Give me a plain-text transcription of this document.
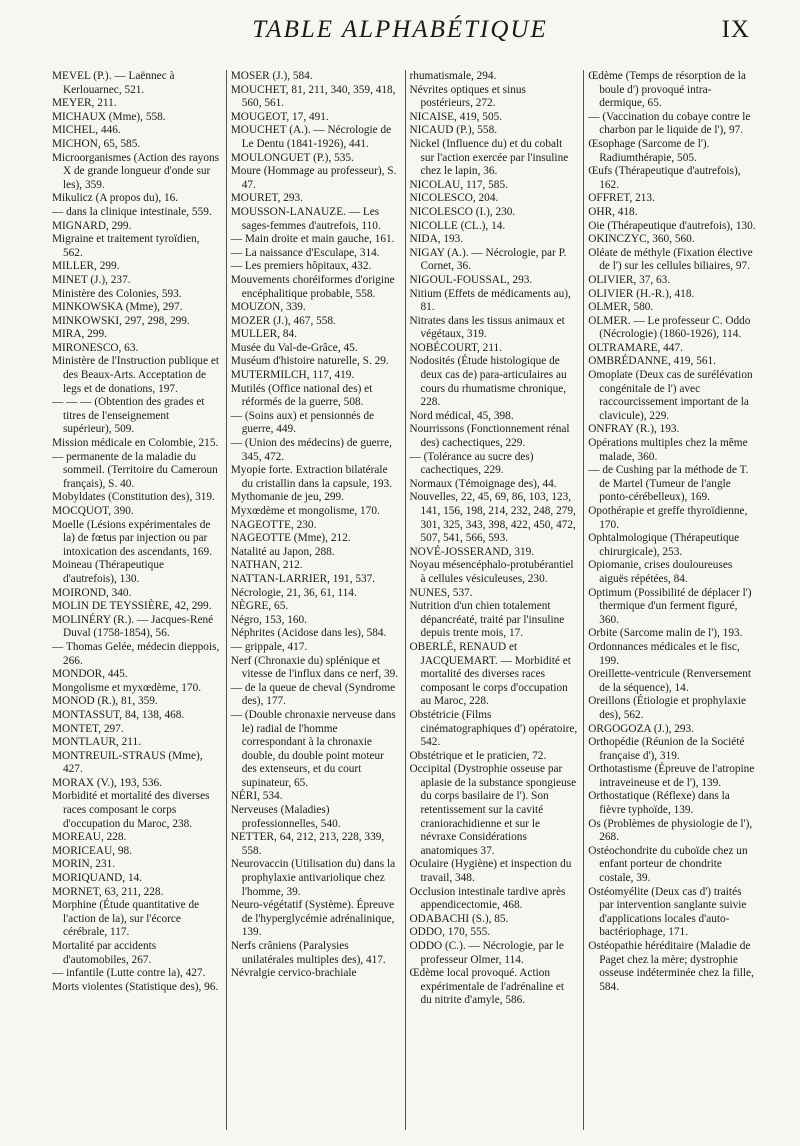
TABLE ALPHABÉTIQUE	IX

MEVEL (P.). — Laënnec à Kerlouarnec, 521.

MEYER, 211.

MICHAUX (Mme), 558.

MICHEL, 446.

MICHON, 65, 585.

Microorganismes (Action des rayons X de grande longueur d'onde sur les), 359.

Mikulicz (A propos du), 16.

— dans la clinique intestinale, 559.

MIGNARD, 299.

Migraine et traitement tyroïdien, 562.

MILLER, 299.

MINET (J.), 237.

Ministère des Colonies, 593.

MINKOWSKA (Mme), 297.

MINKOWSKI, 297, 298, 299.

MIRA, 299.

MIRONESCO, 63.

Ministère de l'Instruction publique et des Beaux-Arts. Acceptation de legs et de donations, 197.

— — — (Obtention des grades et titres de l'enseignement supérieur), 509.

Mission médicale en Colombie, 215.

— permanente de la maladie du sommeil. (Territoire du Cameroun français), S. 40.

Mobyldates (Constitution des), 319.

MOCQUOT, 390.

Moelle (Lésions expérimentales de la) de fœtus par injection ou par intoxication des ascendants, 169.

Moineau (Thérapeutique d'autrefois), 130.

MOIROND, 340.

MOLIN DE TEYSSIÈRE, 42, 299.

MOLINÉRY (R.). — Jacques-René Duval (1758-1854), 56.

— Thomas Gelée, médecin dieppois, 266.

MONDOR, 445.

Mongolisme et myxœdème, 170.

MONOD (R.), 81, 359.

MONTASSUT, 84, 138, 468.

MONTET, 297.

MONTLAUR, 211.

MONTREUIL-STRAUS (Mme), 427.

MORAX (V.), 193, 536.

Morbidité et mortalité des diverses races composant le corps d'occupation du Maroc, 238.

MOREAU, 228.

MORICEAU, 98.

MORIN, 231.

MORIQUAND, 14.

MORNET, 63, 211, 228.

Morphine (Étude quantitative de l'action de la), sur l'écorce cérébrale, 117.

Mortalité par accidents d'automobiles, 267.

— infantile (Lutte contre la), 427.

Morts violentes (Statistique des), 96.

MOSER (J.), 584.

MOUCHET, 81, 211, 340, 359, 418, 560, 561.

MOUGEOT, 17, 491.

MOUCHET (A.). — Nécrologie de Le Dentu (1841-1926), 441.

MOULONGUET (P.), 535.

Moure (Hommage au professeur), S. 47.

MOURET, 293.

MOUSSON-LANAUZE. — Les sages-femmes d'autrefois, 110.

— Main droite et main gauche, 161.

— La naissance d'Esculape, 314.

— Les premiers hôpitaux, 432.

Mouvements choréiformes d'origine encéphalitique probable, 558.

MOUZON, 339.

MOZER (J.), 467, 558.

MULLER, 84.

Musée du Val-de-Grâce, 45.

Muséum d'histoire naturelle, S. 29.

MUTERMILCH, 117, 419.

Mutilés (Office national des) et réformés de la guerre, 508.

— (Soins aux) et pensionnés de guerre, 449.

— (Union des médecins) de guerre, 345, 472.

Myopie forte. Extraction bilatérale du cristallin dans la capsule, 193.

Mythomanie de jeu, 299.

Myxœdème et mongolisme, 170.

NAGEOTTE, 230.

NAGEOTTE (Mme), 212.

Natalité au Japon, 288.

NATHAN, 212.

NATTAN-LARRIER, 191, 537.

Nécrologie, 21, 36, 61, 114.

NÈGRE, 65.

Négro, 153, 160.

Néphrites (Acidose dans les), 584.

— grippale, 417.

Nerf (Chronaxie du) splénique et vitesse de l'influx dans ce nerf, 39.

— de la queue de cheval (Syndrome des), 177.

— (Double chronaxie nerveuse dans le) radial de l'homme correspondant à la chronaxie double, du double point moteur des extenseurs, et du court supinateur, 65.

NÉRI, 534.

Nerveuses (Maladies) professionnelles, 540.

NETTER, 64, 212, 213, 228, 339, 558.

Neurovaccin (Utilisation du) dans la prophylaxie antivariolique chez l'homme, 39.

Neuro-végétatif (Système). Épreuve de l'hyperglycémie adrénalinique, 139.

Nerfs crâniens (Paralysies unilatérales multiples des), 417.

Névralgie cervico-brachiale

rhumatismale, 294.

Névrites optiques et sinus postérieurs, 272.

NICAISE, 419, 505.

NICAUD (P.), 558.

Nickel (Influence du) et du cobalt sur l'action exercée par l'insuline chez le lapin, 36.

NICOLAU, 117, 585.

NICOLESCO, 204.

NICOLESCO (I.), 230.

NICOLLE (CL.), 14.

NIDA, 193.

NIGAY (A.). — Nécrologie, par P. Cornet, 36.

NIGOUL-FOUSSAL, 293.

Nitium (Effets de médicaments au), 81.

Nitrates dans les tissus animaux et végétaux, 319.

NOBÉCOURT, 211.

Nodosités (Étude histologique de deux cas de) para-articulaires au cours du rhumatisme chronique, 228.

Nord médical, 45, 398.

Nourrissons (Fonctionnement rénal des) cachectiques, 229.

— (Tolérance au sucre des) cachectiques, 229.

Normaux (Témoignage des), 44.

Nouvelles, 22, 45, 69, 86, 103, 123, 141, 156, 198, 214, 232, 248, 279, 301, 325, 343, 398, 422, 450, 472, 507, 541, 566, 593.

NOVÉ-JOSSERAND, 319.

Noyau mésencéphalo-protubérantiel à cellules vésiculeuses, 230.

NUNES, 537.

Nutrition d'un chien totalement dépancréaté, traité par l'insuline depuis trente mois, 17.

OBERLÉ, RENAUD et JACQUEMART. — Morbidité et mortalité des diverses races composant le corps d'occupation au Maroc, 228.

Obstétricie (Films cinématographiques d') opératoire, 542.

Obstétrique et le praticien, 72.

Occipital (Dystrophie osseuse par aplasie de la substance spongieuse du corps basilaire de l'). Son retentissement sur la cavité craniorachidienne et sur le névraxe Considérations anatomiques 37.

Oculaire (Hygiène) et inspection du travail, 348.

Occlusion intestinale tardive après appendicectomie, 468.

ODABACHI (S.), 85.

ODDO, 170, 555.

ODDO (C.). — Nécrologie, par le professeur Olmer, 114.

Œdème local provoqué. Action expérimentale de l'adrénaline et du nitrite d'amyle, 586.

Œdème (Temps de résorption de la boule d') provoqué intra-dermique, 65.

— (Vaccination du cobaye contre le charbon par le liquide de l'), 97.

Œsophage (Sarcome de l'). Radiumthérapie, 505.

Œufs (Thérapeutique d'autrefois), 162.

OFFRET, 213.

OHR, 418.

Oie (Thérapeutique d'autrefois), 130.

OKINCZYC, 360, 560.

Oléate de méthyle (Fixation élective de l') sur les cellules biliaires, 97.

OLIVIER, 37, 63.

OLIVIER (H.-R.), 418.

OLMER, 580.

OLMER. — Le professeur C. Oddo (Nécrologie) (1860-1926), 114.

OLTRAMARE, 447.

OMBRÉDANNE, 419, 561.

Omoplate (Deux cas de surélévation congénitale de l') avec raccourcissement important de la clavicule), 229.

ONFRAY (R.), 193.

Opérations multiples chez la même malade, 360.

— de Cushing par la méthode de T. de Martel (Tumeur de l'angle ponto-cérébelleux), 169.

Opothérapie et greffe thyroïdienne, 170.

Ophtalmologique (Thérapeutique chirurgicale), 253.

Opiomanie, crises douloureuses aiguës répétées, 84.

Optimum (Possibilité de déplacer l') thermique d'un ferment figuré, 360.

Orbite (Sarcome malin de l'), 193.

Ordonnances médicales et le fisc, 199.

Oreillette-ventricule (Renversement de la séquence), 14.

Oreillons (Étiologie et prophylaxie des), 562.

ORGOGOZA (J.), 293.

Orthopédie (Réunion de la Société française d'), 319.

Orthotastisme (Épreuve de l'atropine intraveineuse et de l'), 139.

Orthostatique (Réflexe) dans la fièvre typhoïde, 139.

Os (Problèmes de physiologie de l'), 268.

Ostéochondrite du cuboïde chez un enfant porteur de chondrite costale, 39.

Ostéomyélite (Deux cas d') traités par intervention sanglante suivie d'applications locales d'auto-bactériophage, 171.

Ostéopathie héréditaire (Maladie de Paget chez la mère; dystrophie osseuse indéterminée chez la fille, 584.
